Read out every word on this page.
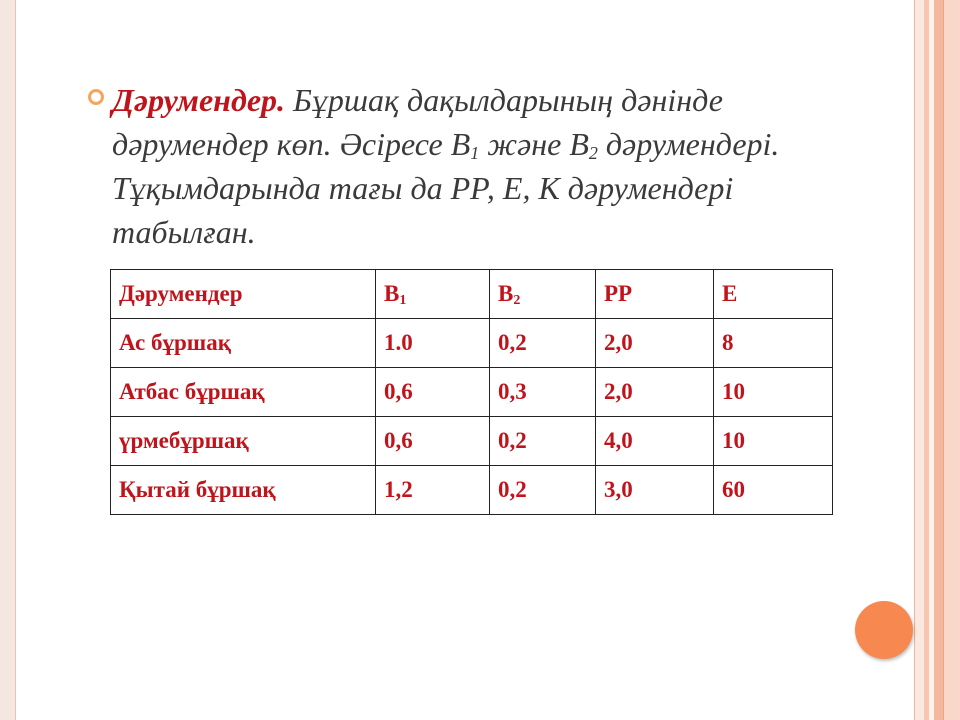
Дәрумендер. Бұршақ дақылдарының дәнінде дәрумендер көп. Әсіресе $В_1$ және $В_2$ дәрумендері. Тұқымдарында тағы да РР, Е, К дәрумендері табылған.
Дәрумендер	$В_1$	$В_2$	РР	Е
Ас бұршақ	1.0	0,2	2,0	8
Атбас бұршақ	0,6	0,3	2,0	10
үрмебұршақ	0,6	0,2	4,0	10
Қытай бұршақ	1,2	0,2	3,0	60
